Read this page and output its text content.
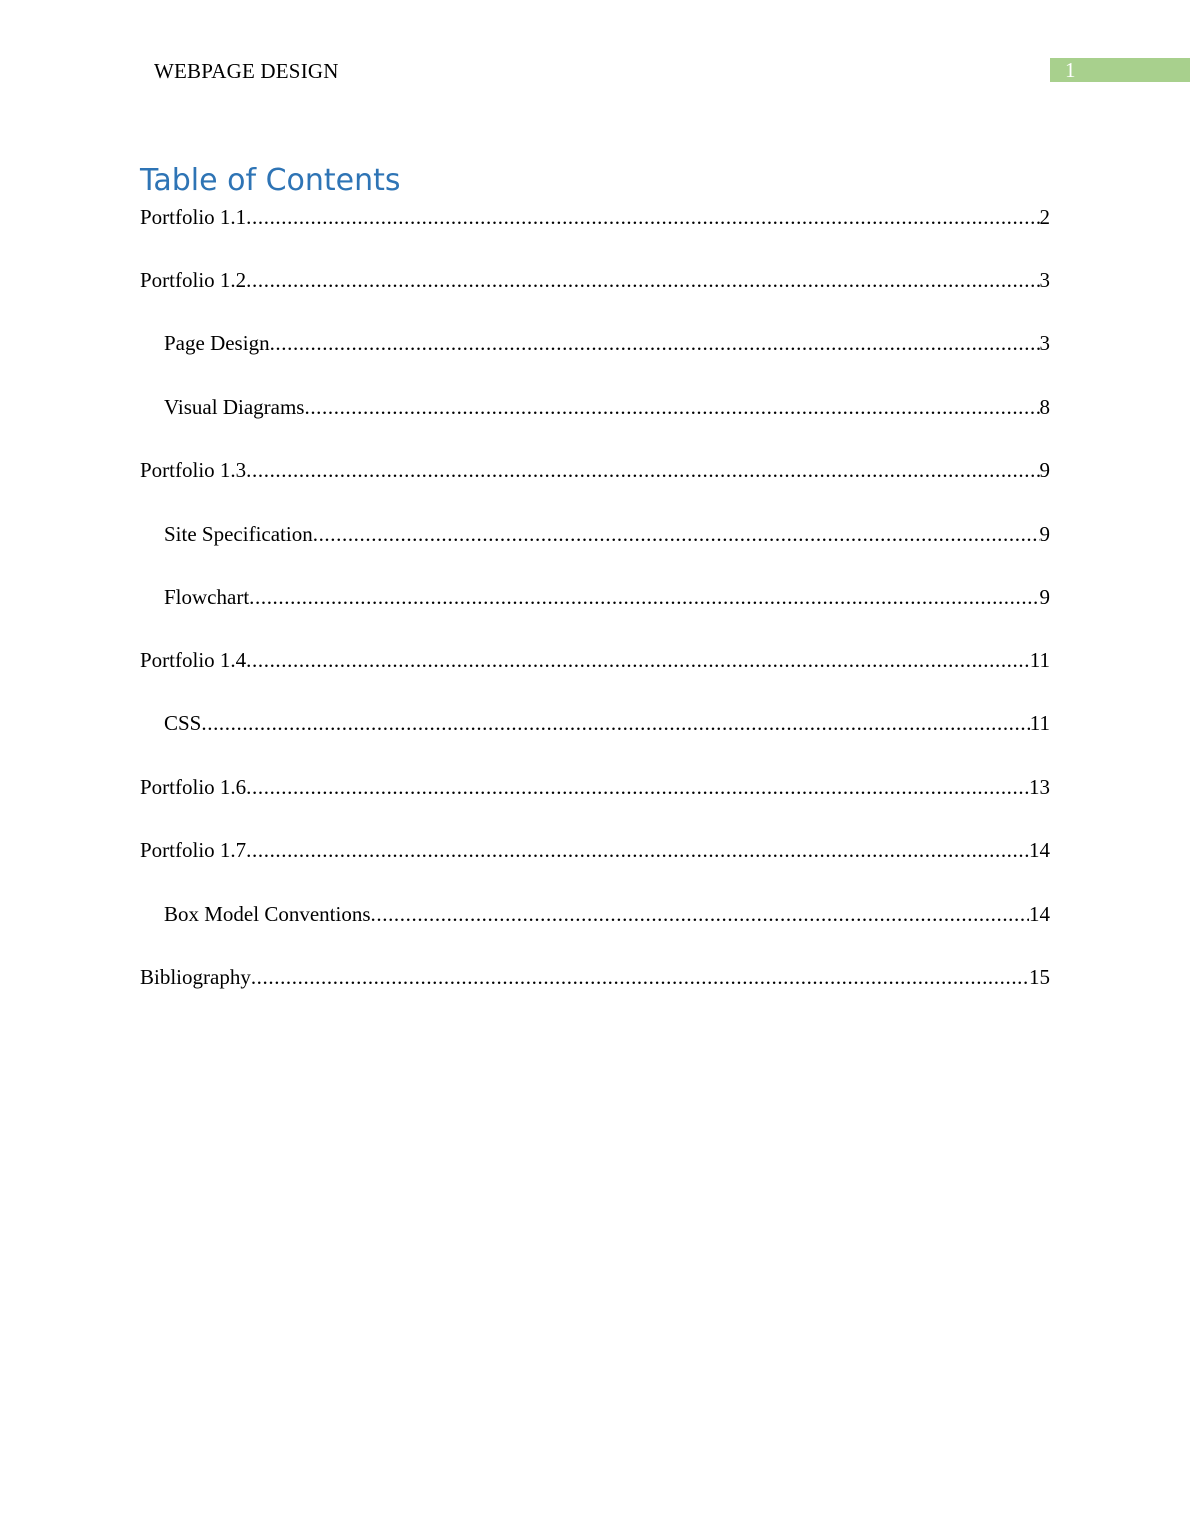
WEBPAGE DESIGN	1
Table of Contents
Portfolio 1.1 .....	2
Portfolio 1.2 .....	3
Page Design .....	3
Visual Diagrams .....	8
Portfolio 1.3 .....	9
Site Specification .....	9
Flowchart .....	9
Portfolio 1.4 .....	11
CSS .....	11
Portfolio 1.6 .....	13
Portfolio 1.7 .....	14
Box Model Conventions .....	14
Bibliography .....	15
